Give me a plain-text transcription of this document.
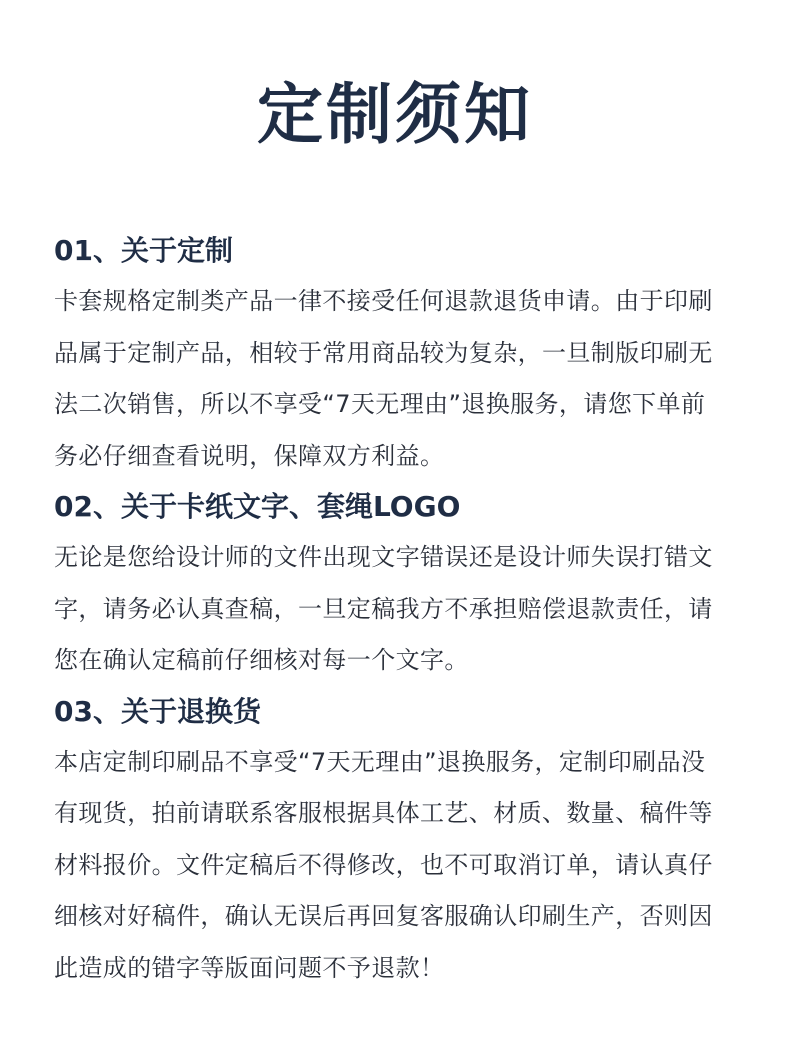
定制须知
01、关于定制
卡套规格定制类产品一律不接受任何退款退货申请。由于印刷
品属于定制产品，相较于常用商品较为复杂，一旦制版印刷无
法二次销售，所以不享受“7天无理由”退换服务，请您下单前
务必仔细查看说明，保障双方利益。
02、关于卡纸文字、套绳LOGO
无论是您给设计师的文件出现文字错误还是设计师失误打错文
字，请务必认真查稿，一旦定稿我方不承担赔偿退款责任，请
您在确认定稿前仔细核对每一个文字。
03、关于退换货
本店定制印刷品不享受“7天无理由”退换服务，定制印刷品没
有现货，拍前请联系客服根据具体工艺、材质、数量、稿件等
材料报价。文件定稿后不得修改，也不可取消订单，请认真仔
细核对好稿件，确认无误后再回复客服确认印刷生产，否则因
此造成的错字等版面问题不予退款！
